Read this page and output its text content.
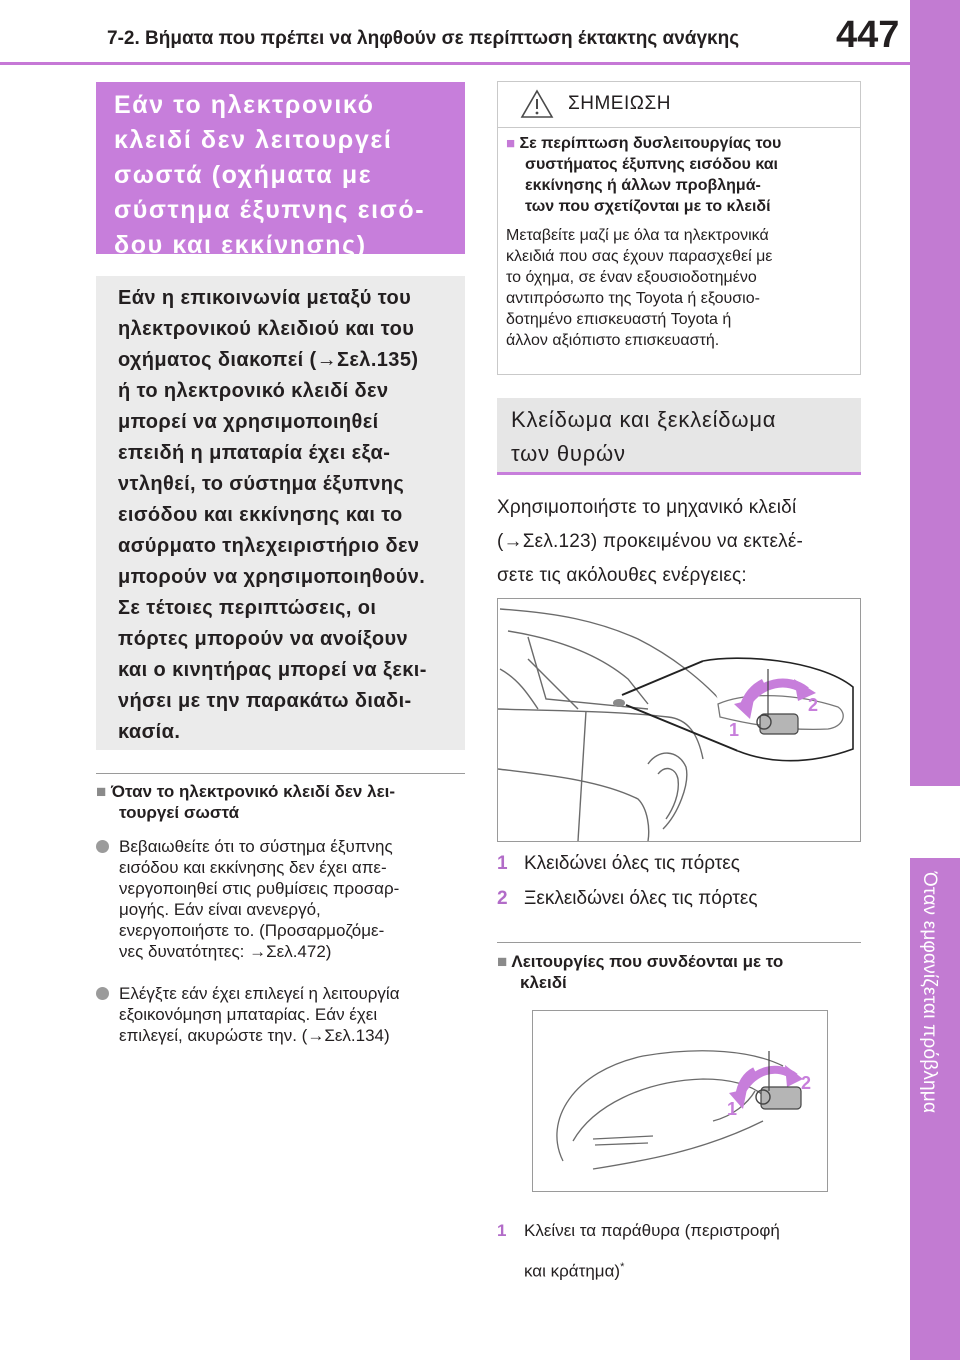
7-2. Βήματα που πρέπει να ληφθούν σε περίπτωση έκτακτης ανάγκης	447
7
Όταν εμφανίζεται πρόβλημα
Εάν το ηλεκτρονικό
κλειδί δεν λειτουργεί
σωστά (οχήματα με
σύστημα έξυπνης εισό-
δου και εκκίνησης)
Εάν η επικοινωνία μεταξύ του
ηλεκτρονικού κλειδιού και του
οχήματος διακοπεί (→Σελ.135)
ή το ηλεκτρονικό κλειδί δεν
μπορεί να χρησιμοποιηθεί
επειδή η μπαταρία έχει εξα-
ντληθεί, το σύστημα έξυπνης
εισόδου και εκκίνησης και το
ασύρματο τηλεχειριστήριο δεν
μπορούν να χρησιμοποιηθούν.
Σε τέτοιες περιπτώσεις, οι
πόρτες μπορούν να ανοίξουν
και ο κινητήρας μπορεί να ξεκι-
νήσει με την παρακάτω διαδι-
κασία.
■ Όταν το ηλεκτρονικό κλειδί δεν λει-
τουργεί σωστά
Βεβαιωθείτε ότι το σύστημα έξυπνης
εισόδου και εκκίνησης δεν έχει απε-
νεργοποιηθεί στις ρυθμίσεις προσαρ-
μογής. Εάν είναι ανενεργό,
ενεργοποιήστε το. (Προσαρμοζόμε-
νες δυνατότητες: →Σελ.472)
Ελέγξτε εάν έχει επιλεγεί η λειτουργία
εξοικονόμηση μπαταρίας. Εάν έχει
επιλεγεί, ακυρώστε την. (→Σελ.134)
ΣΗΜΕΙΩΣΗ
■ Σε περίπτωση δυσλειτουργίας του
συστήματος έξυπνης εισόδου και
εκκίνησης ή άλλων προβλημά-
των που σχετίζονται με το κλειδί
Μεταβείτε μαζί με όλα τα ηλεκτρονικά
κλειδιά που σας έχουν παρασχεθεί με
το όχημα, σε έναν εξουσιοδοτημένο
αντιπρόσωπο της Toyota ή εξουσιο-
δοτημένο επισκευαστή Toyota ή
άλλον αξιόπιστο επισκευαστή.
Κλείδωμα και ξεκλείδωμα
των θυρών
Χρησιμοποιήστε το μηχανικό κλειδί
(→Σελ.123) προκειμένου να εκτελέ-
σετε τις ακόλουθες ενέργειες:
1
2
1 Κλειδώνει όλες τις πόρτες
2 Ξεκλειδώνει όλες τις πόρτες
■ Λειτουργίες που συνδέονται με το
κλειδί
1
2
1 Κλείνει τα παράθυρα (περιστροφή
και κράτημα)*
